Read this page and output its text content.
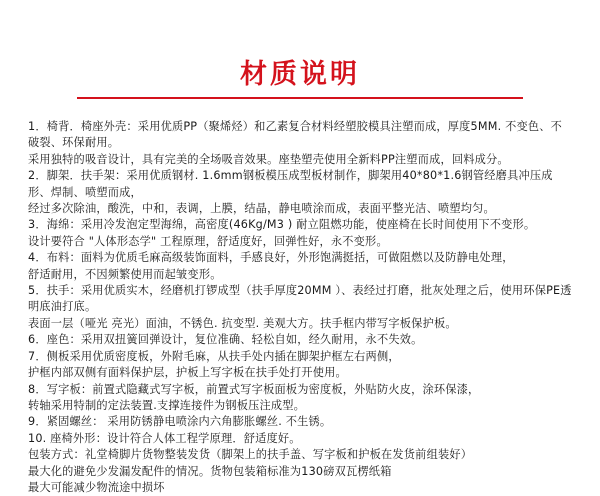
材质说明
1．椅背．椅座外壳：采用优质PP（聚烯烃）和乙素复合材料经塑胶模具注塑而成，厚度5MM. 不变色、不破裂、环保耐用。
采用独特的吸音设计，具有完美的全场吸音效果。座垫塑壳使用全新料PP注塑而成，回料成分。
2．脚架．扶手架：采用优质钢材. 1.6mm钢板模压成型板材制作，脚架用40*80*1.6钢管经磨具冲压成形、焊制、喷塑而成，
经过多次除油，酸洗，中和，表调，上膜，结晶，静电喷涂而成，表面平整光洁、喷塑均匀。
3．海绵：采用冷发泡定型海绵，高密度(46Kg/M3 ) 耐立阻燃功能，使座椅在长时间使用下不变形。
设计要符合 "人体形态学" 工程原理，舒适度好，回弹性好，永不变形。
4．布料：面料为优质毛麻高级装饰面料，手感良好，外形饱满挺括，可做阻燃以及防静电处理，
舒适耐用，不因频繁使用而起皱变形。
5．扶手：采用优质实木，经磨机打锣成型（扶手厚度20MM ）、表经过打磨，批灰处理之后，使用环保PE透明底油打底。
表面一层（哑光 亮光）面油，不锈色. 抗变型. 美观大方。扶手框内带写字板保护板。
6．座色：采用双扭簧回弹设计，复位准确、轻松自如，经久耐用，永不失效。
7．侧板采用优质密度板，外附毛麻，从扶手处内插在脚架护框左右两侧，
护框内部双侧有面料保护层，护板上写字板在扶手处打开使用。
8．写字板：前置式隐藏式写字板，前置式写字板面板为密度板，外贴防火皮，涂环保漆，
转轴采用特制的定法装置.支撑连接件为钢板压注成型。
9．紧固螺丝： 采用防锈静电喷涂内六角膨胀螺丝. 不生锈。
10. 座椅外形：设计符合人体工程学原理．舒适度好。
包装方式：礼堂椅脚片货物整装发货（脚架上的扶手盖、写字板和护板在发货前组装好）
最大化的避免少发漏发配件的情况。货物包装箱标准为130磅双瓦楞纸箱
最大可能减少物流途中损坏
